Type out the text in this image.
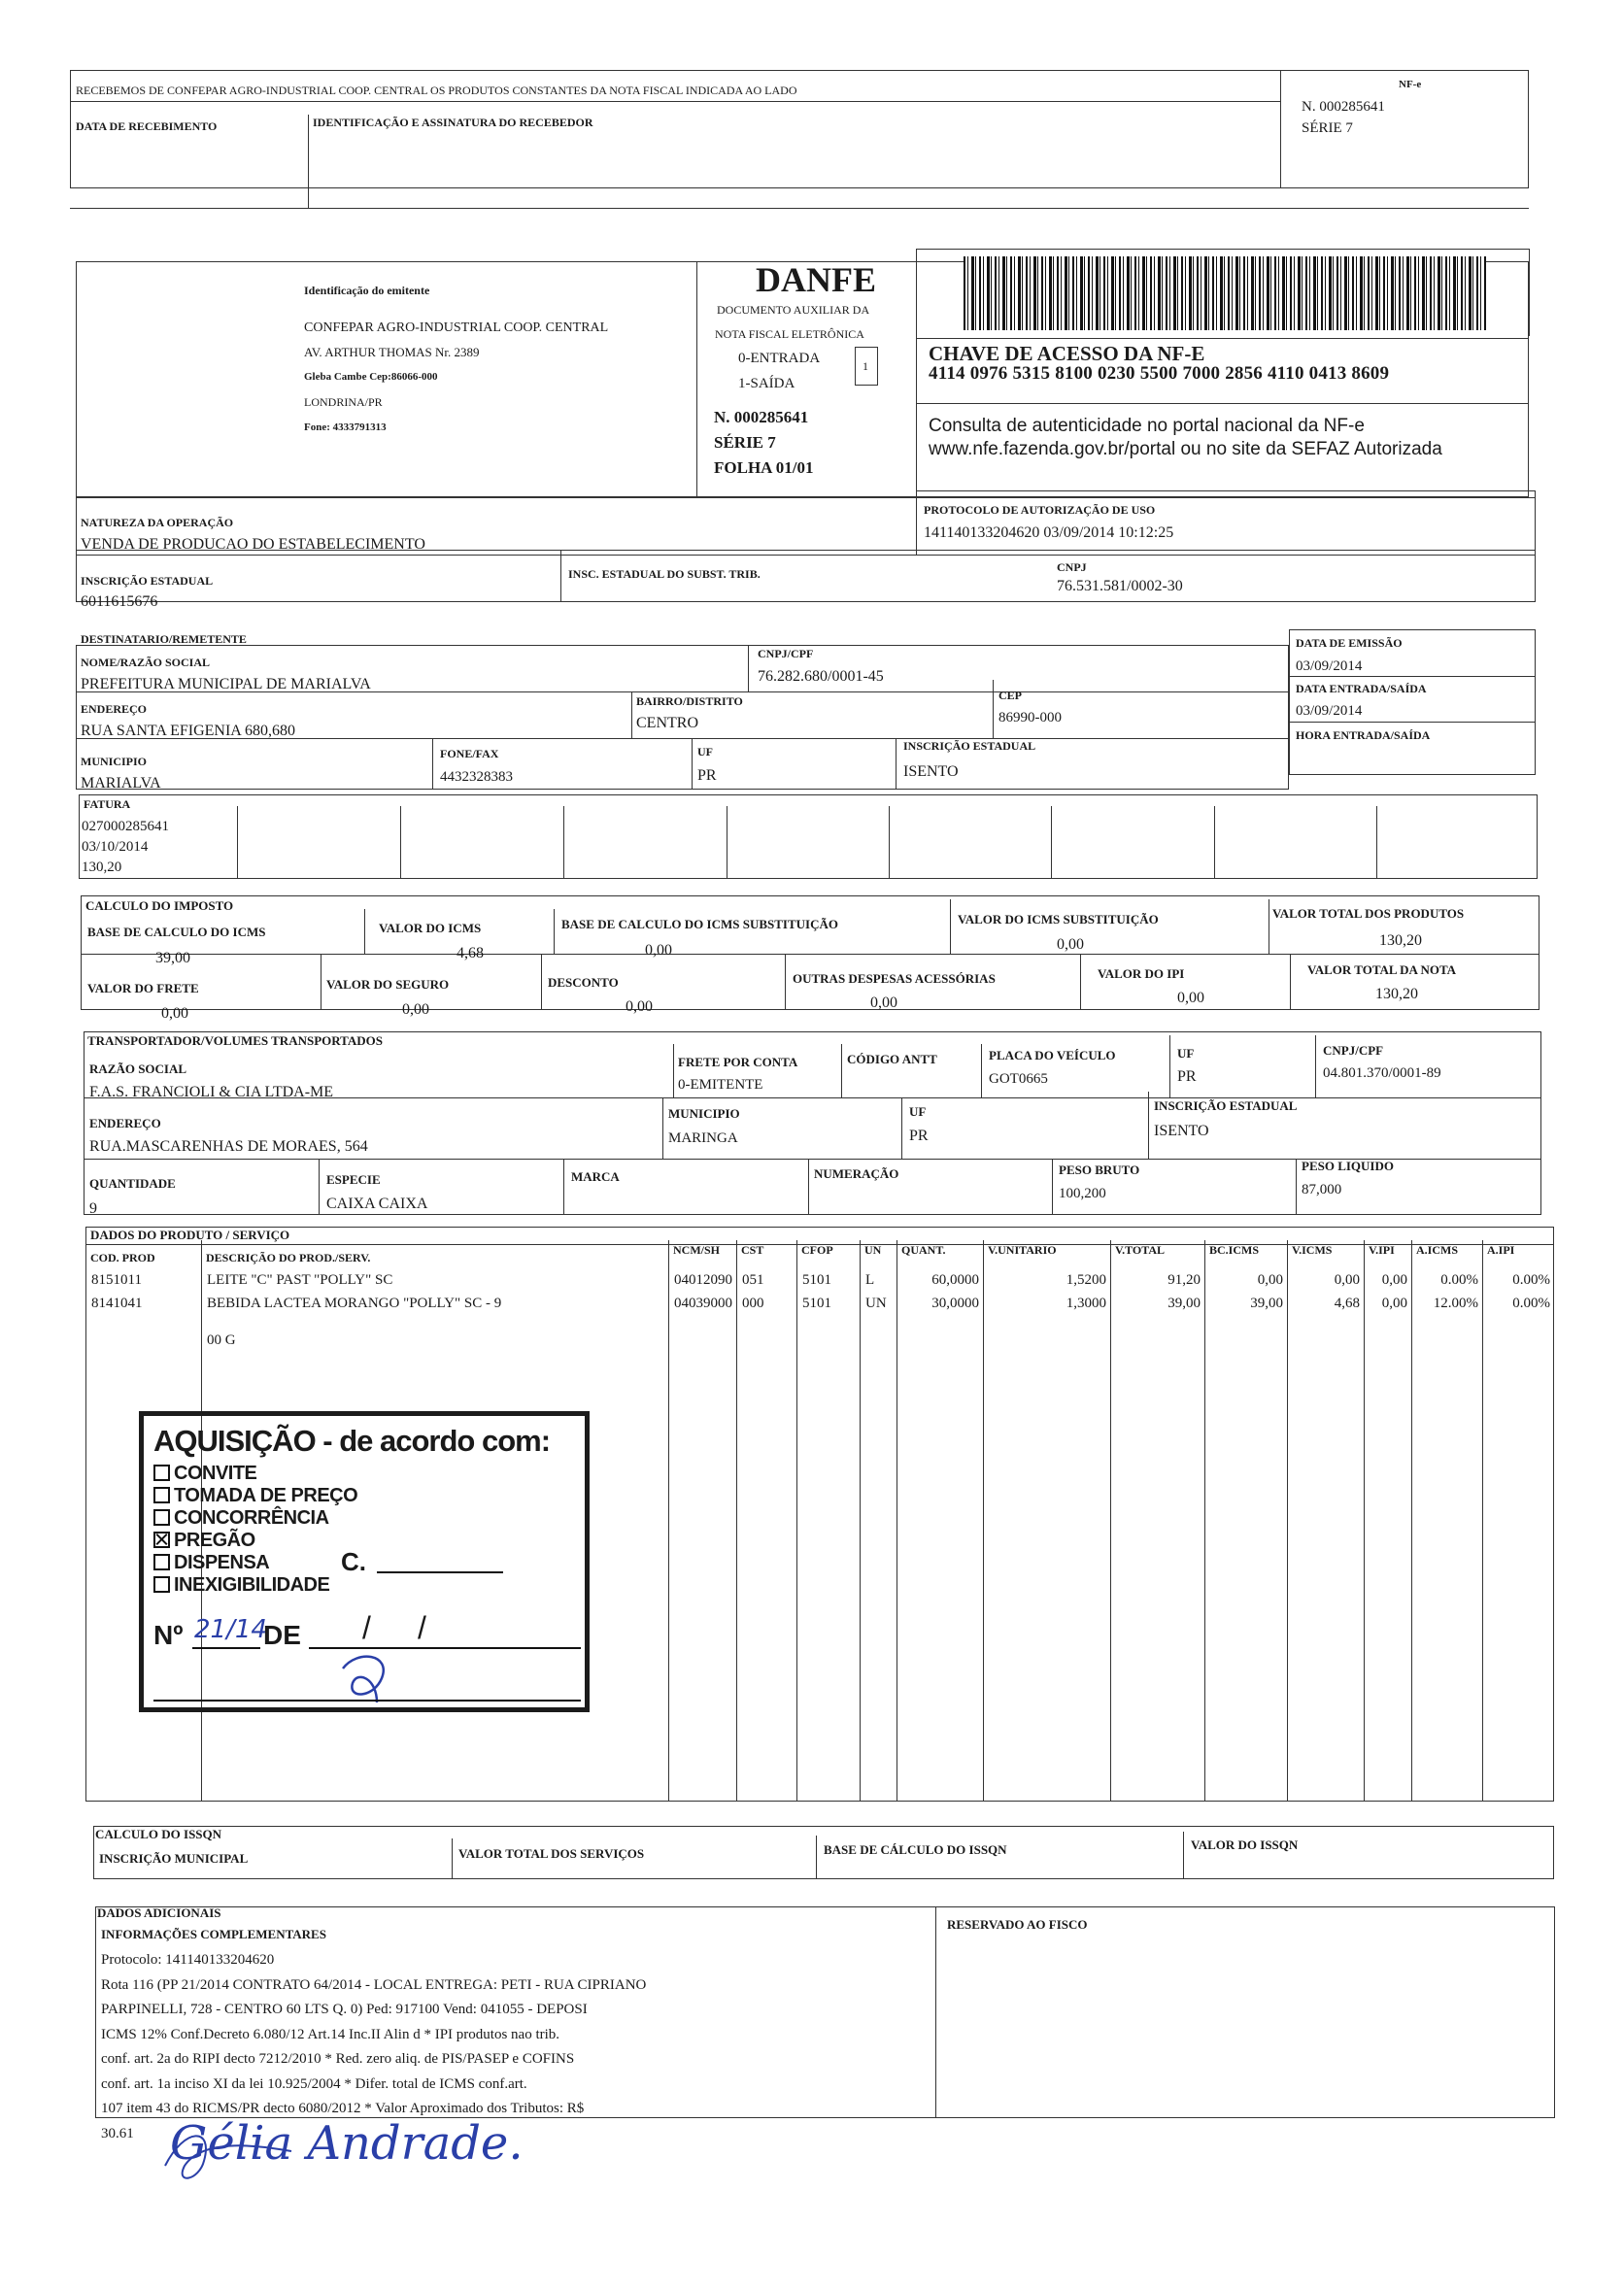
RECEBEMOS DE CONFEPAR AGRO-INDUSTRIAL COOP. CENTRAL OS PRODUTOS CONSTANTES DA NOTA FISCAL INDICADA AO LADO
DATA DE RECEBIMENTO	IDENTIFICAÇÃO E ASSINATURA DO RECEBEDOR
NF-e
N. 000285641
SÉRIE 7
Identificação do emitente
CONFEPAR AGRO-INDUSTRIAL COOP. CENTRAL
AV. ARTHUR THOMAS Nr. 2389
Gleba Cambe Cep:86066-000
LONDRINA/PR
Fone: 4333791313
DANFE
DOCUMENTO AUXILIAR DA
NOTA FISCAL ELETRÔNICA
0-ENTRADA
1-SAÍDA
1
N. 000285641
SÉRIE 7
FOLHA 01/01
CHAVE DE ACESSO DA NF-E
4114 0976 5315 8100 0230 5500 7000 2856 4110 0413 8609
Consulta de autenticidade no portal nacional da NF-e
www.nfe.fazenda.gov.br/portal ou no site da SEFAZ Autorizada
NATUREZA DA OPERAÇÃO
VENDA DE PRODUCAO DO ESTABELECIMENTO
PROTOCOLO DE AUTORIZAÇÃO DE USO
141140133204620 03/09/2014 10:12:25
INSCRIÇÃO ESTADUAL
6011615676
INSC. ESTADUAL DO SUBST. TRIB.	CNPJ
76.531.581/0002-30
DESTINATARIO/REMETENTE
NOME/RAZÃO SOCIAL
PREFEITURA MUNICIPAL DE MARIALVA
CNPJ/CPF
76.282.680/0001-45
DATA DE EMISSÃO
03/09/2014
ENDEREÇO
RUA SANTA EFIGENIA 680,680
BAIRRO/DISTRITO
CENTRO
CEP
86990-000
DATA ENTRADA/SAÍDA
03/09/2014
HORA ENTRADA/SAÍDA
MUNICIPIO
MARIALVA
FONE/FAX
4432328383
UF
PR
INSCRIÇÃO ESTADUAL
ISENTO
FATURA
027000285641
03/10/2014
130,20
CALCULO DO IMPOSTO
BASE DE CALCULO DO ICMS
39,00
VALOR DO ICMS
4,68
BASE DE CALCULO DO ICMS SUBSTITUIÇÃO
0,00
VALOR DO ICMS SUBSTITUIÇÃO
0,00
VALOR TOTAL DOS PRODUTOS
130,20
VALOR DO FRETE
0,00
VALOR DO SEGURO
0,00
DESCONTO
0,00
OUTRAS DESPESAS ACESSÓRIAS
0,00
VALOR DO IPI
0,00
VALOR TOTAL DA NOTA
130,20
TRANSPORTADOR/VOLUMES TRANSPORTADOS
RAZÃO SOCIAL
F.A.S. FRANCIOLI & CIA LTDA-ME
FRETE POR CONTA
0-EMITENTE
CÓDIGO ANTT	PLACA DO VEÍCULO
GOT0665
UF
PR
CNPJ/CPF
04.801.370/0001-89
ENDEREÇO
RUA.MASCARENHAS DE MORAES, 564
MUNICIPIO
MARINGA
UF
PR
INSCRIÇÃO ESTADUAL
ISENTO
QUANTIDADE
9
ESPECIE
CAIXA CAIXA
MARCA	NUMERAÇÃO	PESO BRUTO
100,200
PESO LIQUIDO
87,000
DADOS DO PRODUTO / SERVIÇO
COD. PROD	DESCRIÇÃO DO PROD./SERV.
NCM/SH CST	CFOP	UN QUANT.	V.UNITARIO	V.TOTAL	BC.ICMS	V.ICMS	V.IPI A.ICMS A.IPI
8151011	LEITE "C" PAST "POLLY" SC	04012090 051	5101 L	60,0000	1,5200	91,20	0,00	0,00 0,00 0.00% 0.00%
8141041	BEBIDA LACTEA MORANGO "POLLY" SC - 9	04039000 000	5101 UN	30,0000	1,3000	39,00	39,00	4,68 0,00 12.00% 0.00%
00 G
AQUISIÇÃO - de acordo com:
CONVITE
TOMADA DE PREÇO
CONCORRÊNCIA
PREGÃO
DISPENSA
INEXIGIBILIDADE
C.
Nº 21/14
DE / /
CALCULO DO ISSQN
INSCRIÇÃO MUNICIPAL	VALOR TOTAL DOS SERVIÇOS	BASE DE CÁLCULO DO ISSQN	VALOR DO ISSQN
DADOS ADICIONAIS
INFORMAÇÕES COMPLEMENTARES
RESERVADO AO FISCO
Protocolo: 141140133204620
Rota 116 (PP 21/2014 CONTRATO 64/2014 - LOCAL ENTREGA: PETI - RUA CIPRIANO
PARPINELLI, 728 - CENTRO 60 LTS Q. 0) Ped: 917100 Vend: 041055 - DEPOSI
ICMS 12% Conf.Decreto 6.080/12 Art.14 Inc.II Alin d * IPI produtos nao trib.
conf. art. 2a do RIPI decto 7212/2010 * Red. zero aliq. de PIS/PASEP e COFINS
conf. art. 1a inciso XI da lei 10.925/2004 * Difer. total de ICMS conf.art.
107 item 43 do RICMS/PR decto 6080/2012 * Valor Aproximado dos Tributos: R$
30.61 Gélia Andrade.
